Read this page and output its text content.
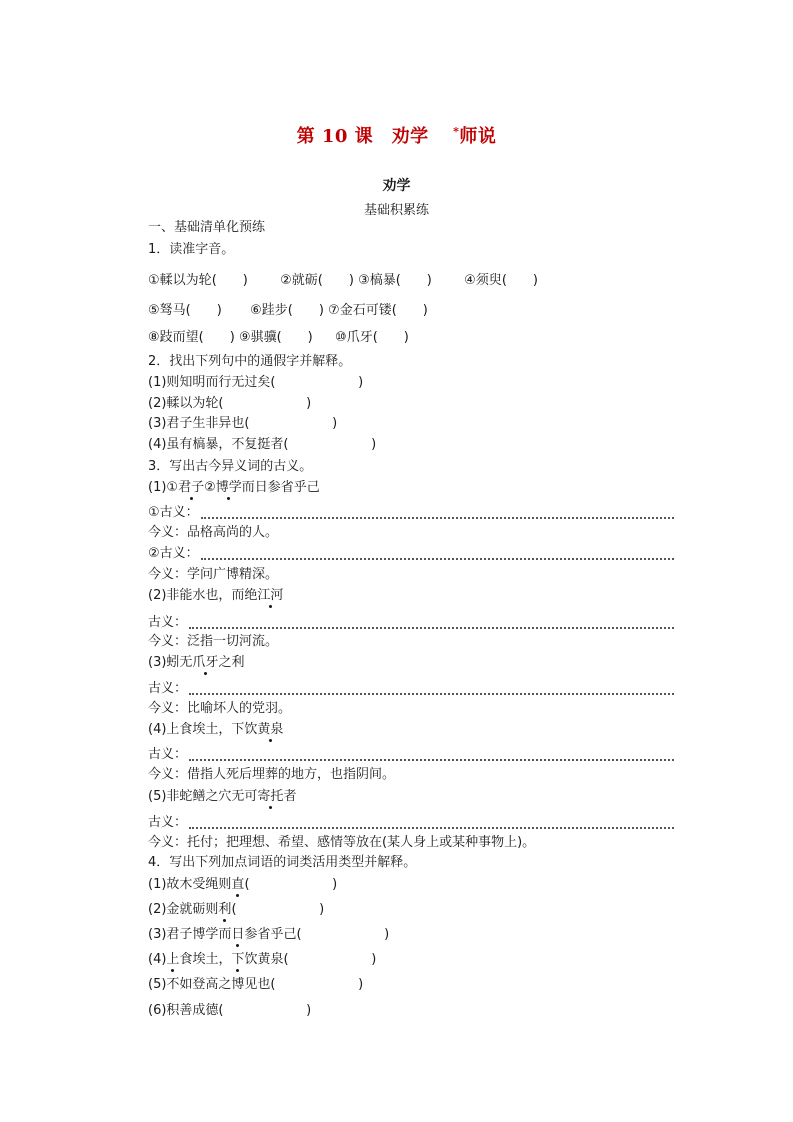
第 10 课　劝学　*师说
劝学
基础积累练
一、基础清单化预练
1．读准字音。
①輮以为轮(　　) ②就砺(　　) ③槁暴(　　) ④须臾(　　)
⑤驽马(　　) ⑥跬步(　　) ⑦金石可镂(　　)
⑧跂而望(　　) ⑨骐骥(　　) ⑩爪牙(　　)
2．找出下列句中的通假字并解释。
(1)则知明而行无过矣(                    )
(2)輮以为轮(                    )
(3)君子生非异也(                    )
(4)虽有槁暴，不复挺者(                    )
3．写出古今异义词的古义。
(1)①君子②博学而日参省乎己
①古义：
今义：品格高尚的人。
②古义：
今义：学问广博精深。
(2)非能水也，而绝江河
古义：
今义：泛指一切河流。
(3)蚓无爪牙之利
古义：
今义：比喻坏人的党羽。
(4)上食埃土，下饮黄泉
古义：
今义：借指人死后埋葬的地方，也指阴间。
(5)非蛇鳝之穴无可寄托者
古义：
今义：托付；把理想、希望、感情等放在(某人身上或某种事物上)。
4．写出下列加点词语的词类活用类型并解释。
(1)故木受绳则直(                    )
(2)金就砺则利(                    )
(3)君子博学而日参省乎己(                    )
(4)上食埃土，下饮黄泉(                    )
(5)不如登高之博见也(                    )
(6)积善成德(                    )
